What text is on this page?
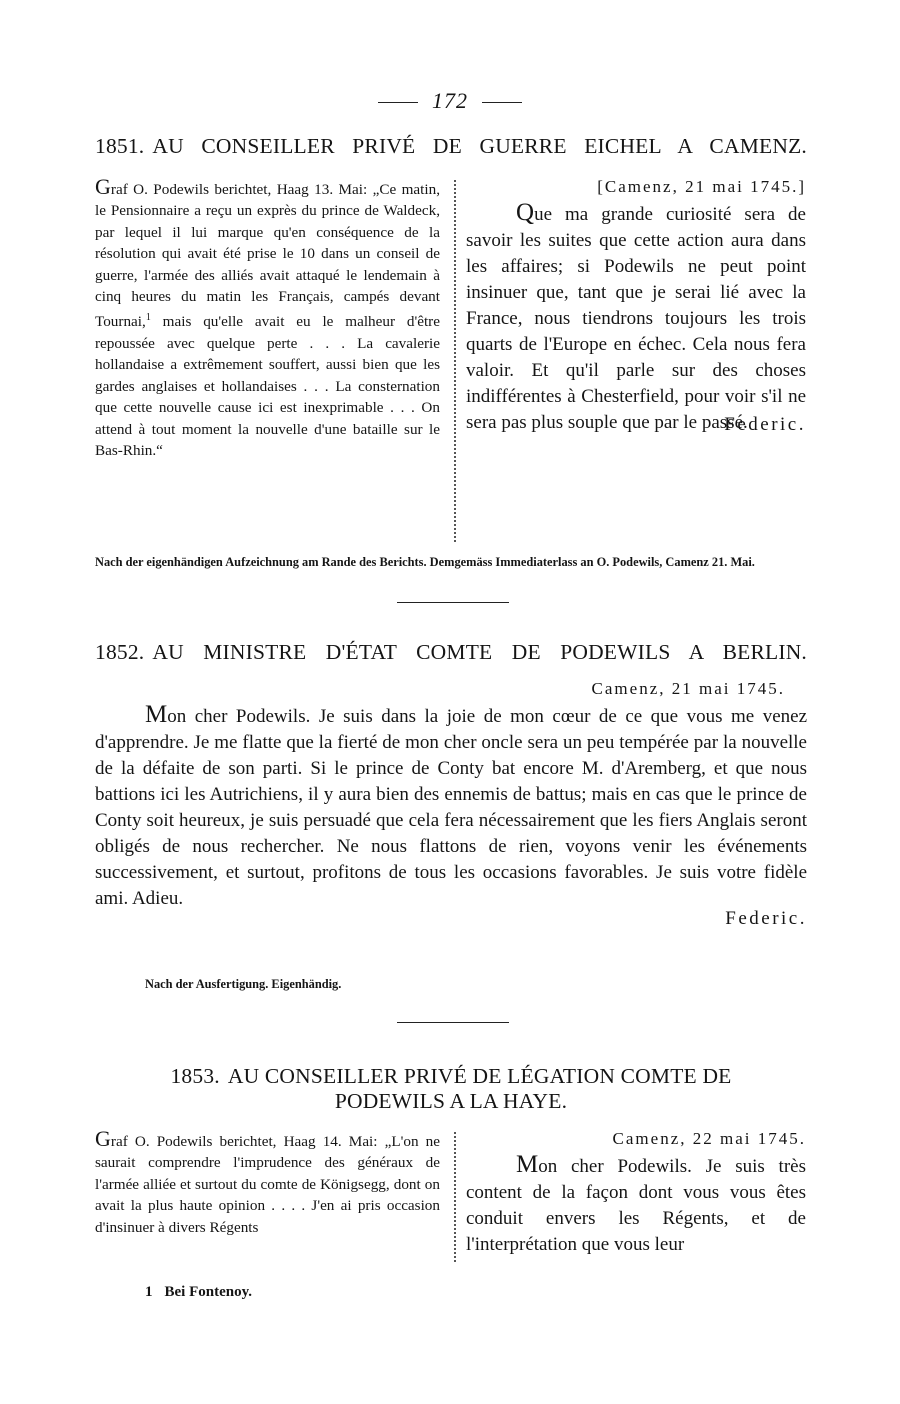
172
1851. AU CONSEILLER PRIVÉ DE GUERRE EICHEL A CAMENZ.
Graf O. Podewils berichtet, Haag 13. Mai: „Ce matin, le Pensionnaire a reçu un exprès du prince de Waldeck, par lequel il lui marque qu'en conséquence de la résolution qui avait été prise le 10 dans un conseil de guerre, l'armée des alliés avait attaqué le lendemain à cinq heures du matin les Français, campés devant Tournai,$^1$ mais qu'elle avait eu le malheur d'être repoussée avec quelque perte . . . La cavalerie hollandaise a extrêmement souffert, aussi bien que les gardes anglaises et hollandaises . . . La consternation que cette nouvelle cause ici est inexprimable . . . On attend à tout moment la nouvelle d'une bataille sur le Bas-Rhin.“
[Camenz, 21 mai 1745.]
Que ma grande curiosité sera de savoir les suites que cette action aura dans les affaires; si Podewils ne peut point insinuer que, tant que je serai lié avec la France, nous tiendrons toujours les trois quarts de l'Europe en échec. Cela nous fera valoir. Et qu'il parle sur des choses indifférentes à Chesterfield, pour voir s'il ne sera pas plus souple que par le passé.
Federic.
Nach der eigenhändigen Aufzeichnung am Rande des Berichts. Demgemäss Immediaterlass an O. Podewils, Camenz 21. Mai.
1852. AU MINISTRE D'ÉTAT COMTE DE PODEWILS A BERLIN.
Camenz, 21 mai 1745.

Mon cher Podewils. Je suis dans la joie de mon cœur de ce que vous me venez d'apprendre. Je me flatte que la fierté de mon cher oncle sera un peu tempérée par la nouvelle de la défaite de son parti. Si le prince de Conty bat encore M. d'Aremberg, et que nous battions ici les Autrichiens, il y aura bien des ennemis de battus; mais en cas que le prince de Conty soit heureux, je suis persuadé que cela fera nécessairement que les fiers Anglais seront obligés de nous rechercher. Ne nous flattons de rien, voyons venir les événements successivement, et surtout, profitons de tous les occasions favorables. Je suis votre fidèle ami. Adieu.

Federic.
Nach der Ausfertigung. Eigenhändig.
1853. AU CONSEILLER PRIVÉ DE LÉGATION COMTE DE
PODEWILS A LA HAYE.
Graf O. Podewils berichtet, Haag 14. Mai: „L'on ne saurait comprendre l'imprudence des généraux de l'armée alliée et surtout du comte de Königsegg, dont on avait la plus haute opinion . . . . J'en ai pris occasion d'insinuer à divers Régents
Camenz, 22 mai 1745.
Mon cher Podewils. Je suis très content de la façon dont vous vous êtes conduit envers les Régents, et de l'interprétation que vous leur
1 Bei Fontenoy.
